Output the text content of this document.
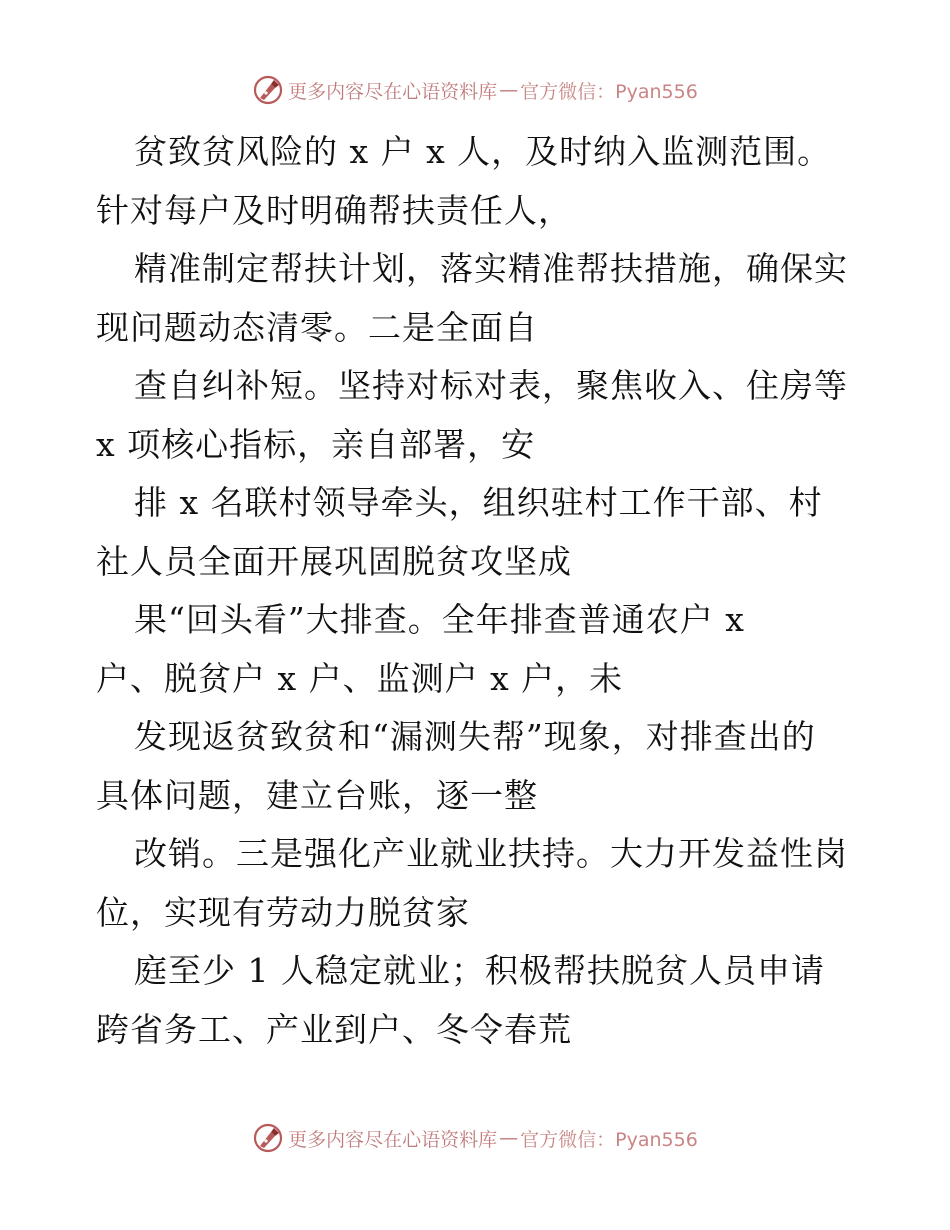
更多内容尽在心语资料库 — 官方微信：Pyan556
贫致贫风险的 x 户 x 人，及时纳入监测范围。
针对每户及时明确帮扶责任人，
精准制定帮扶计划，落实精准帮扶措施，确保实
现问题动态清零。二是全面自
查自纠补短。坚持对标对表，聚焦收入、住房等
x 项核心指标，亲自部署，安
排 x 名联村领导牵头，组织驻村工作干部、村
社人员全面开展巩固脱贫攻坚成
果“回头看”大排查。全年排查普通农户 x
户、脱贫户 x 户、监测户 x 户，未
发现返贫致贫和“漏测失帮”现象，对排查出的
具体问题，建立台账，逐一整
改销。三是强化产业就业扶持。大力开发益性岗
位，实现有劳动力脱贫家
庭至少 1 人稳定就业；积极帮扶脱贫人员申请
跨省务工、产业到户、冬令春荒
更多内容尽在心语资料库 — 官方微信：Pyan556
